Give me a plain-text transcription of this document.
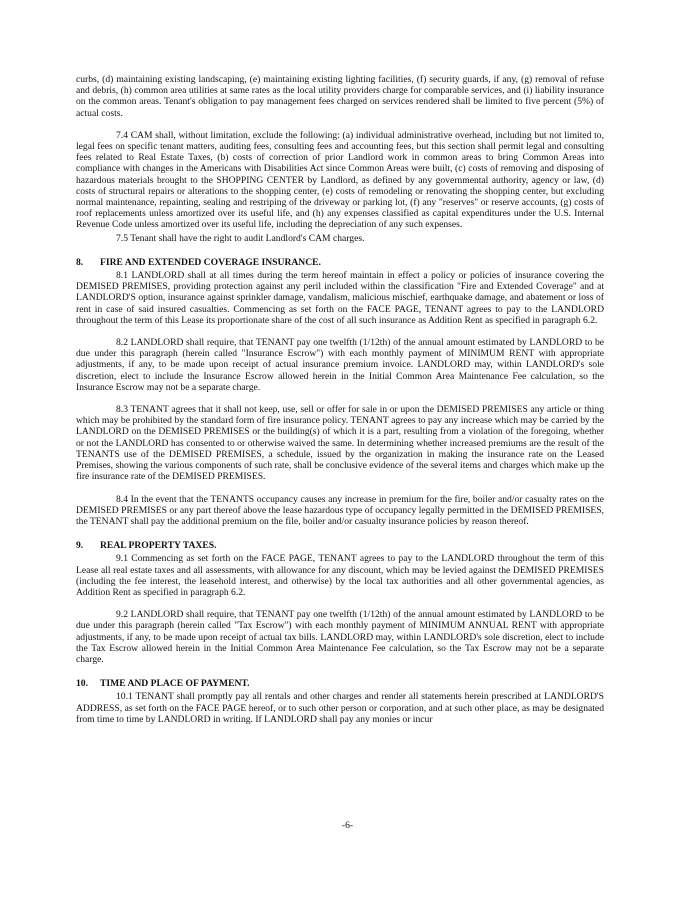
curbs, (d) maintaining existing landscaping, (e) maintaining existing lighting facilities, (f) security guards, if any, (g) removal of refuse and debris, (h) common area utilities at same rates as the local utility providers charge for comparable services, and (i) liability insurance on the common areas. Tenant's obligation to pay management fees charged on services rendered shall be limited to five percent (5%) of actual costs.

7.4 CAM shall, without limitation, exclude the following: (a) individual administrative overhead, including but not limited to, legal fees on specific tenant matters, auditing fees, consulting fees and accounting fees, but this section shall permit legal and consulting fees related to Real Estate Taxes, (b) costs of correction of prior Landlord work in common areas to bring Common Areas into compliance with changes in the Americans with Disabilities Act since Common Areas were built, (c) costs of removing and disposing of hazardous materials brought to the SHOPPING CENTER by Landlord, as defined by any governmental authority, agency or law, (d) costs of structural repairs or alterations to the shopping center, (e) costs of remodeling or renovating the shopping center, but excluding normal maintenance, repainting, sealing and restriping of the driveway or parking lot, (f) any "reserves" or reserve accounts, (g) costs of roof replacements unless amortized over its useful life, and (h) any expenses classified as capital expenditures under the U.S. Internal Revenue Code unless amortized over its useful life, including the depreciation of any such expenses.

7.5 Tenant shall have the right to audit Landlord's CAM charges.

8. FIRE AND EXTENDED COVERAGE INSURANCE.

8.1 LANDLORD shall at all times during the term hereof maintain in effect a policy or policies of insurance covering the DEMISED PREMISES, providing protection against any peril included within the classification "Fire and Extended Coverage" and at LANDLORD'S option, insurance against sprinkler damage, vandalism, malicious mischief, earthquake damage, and abatement or loss of rent in case of said insured casualties. Commencing as set forth on the FACE PAGE, TENANT agrees to pay to the LANDLORD throughout the term of this Lease its proportionate share of the cost of all such insurance as Addition Rent as specified in paragraph 6.2.

8.2 LANDLORD shall require, that TENANT pay one twelfth (1/12th) of the annual amount estimated by LANDLORD to be due under this paragraph (herein called "Insurance Escrow") with each monthly payment of MINIMUM RENT with appropriate adjustments, if any, to be made upon receipt of actual insurance premium invoice. LANDLORD may, within LANDLORD's sole discretion, elect to include the Insurance Escrow allowed herein in the Initial Common Area Maintenance Fee calculation, so the Insurance Escrow may not be a separate charge.

8.3 TENANT agrees that it shall not keep, use, sell or offer for sale in or upon the DEMISED PREMISES any article or thing which may be prohibited by the standard form of fire insurance policy. TENANT agrees to pay any increase which may be carried by the LANDLORD on the DEMISED PREMISES or the building(s) of which it is a part, resulting from a violation of the foregoing, whether or not the LANDLORD has consented to or otherwise waived the same. In determining whether increased premiums are the result of the TENANTS use of the DEMISED PREMISES, a schedule, issued by the organization in making the insurance rate on the Leased Premises, showing the various components of such rate, shall be conclusive evidence of the several items and charges which make up the fire insurance rate of the DEMISED PREMISES.

8.4 In the event that the TENANTS occupancy causes any increase in premium for the fire, boiler and/or casualty rates on the DEMISED PREMISES or any part thereof above the lease hazardous type of occupancy legally permitted in the DEMISED PREMISES, the TENANT shall pay the additional premium on the file, boiler and/or casualty insurance policies by reason thereof.

9. REAL PROPERTY TAXES.

9.1 Commencing as set forth on the FACE PAGE, TENANT agrees to pay to the LANDLORD throughout the term of this Lease all real estate taxes and all assessments, with allowance for any discount, which may be levied against the DEMISED PREMISES (including the fee interest, the leasehold interest, and otherwise) by the local tax authorities and all other governmental agencies, as Addition Rent as specified in paragraph 6.2.

9.2 LANDLORD shall require, that TENANT pay one twelfth (1/12th) of the annual amount estimated by LANDLORD to be due under this paragraph (herein called "Tax Escrow") with each monthly payment of MINIMUM ANNUAL RENT with appropriate adjustments, if any, to be made upon receipt of actual tax bills. LANDLORD may, within LANDLORD's sole discretion, elect to include the Tax Escrow allowed herein in the Initial Common Area Maintenance Fee calculation, so the Tax Escrow may not be a separate charge.

10. TIME AND PLACE OF PAYMENT.

10.1 TENANT shall promptly pay all rentals and other charges and render all statements herein prescribed at LANDLORD'S ADDRESS, as set forth on the FACE PAGE hereof, or to such other person or corporation, and at such other place, as may be designated from time to time by LANDLORD in writing. If LANDLORD shall pay any monies or incur

-6-
